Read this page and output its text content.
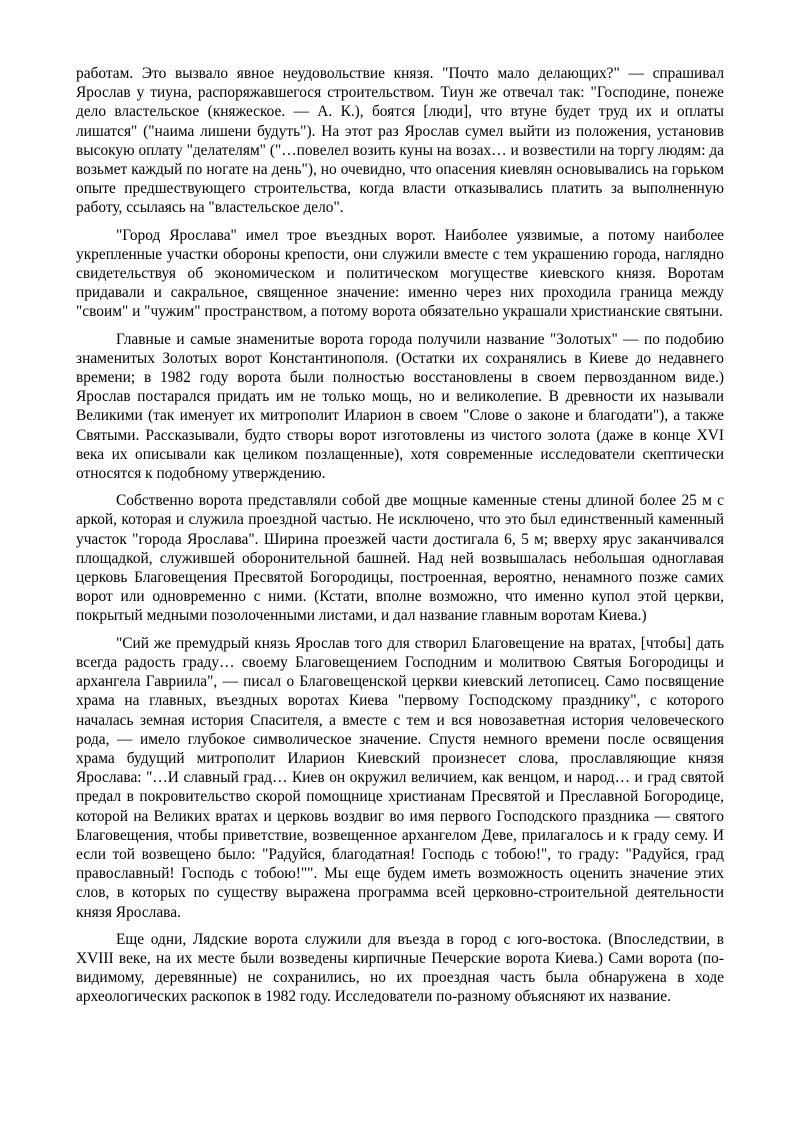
работам. Это вызвало явное неудовольствие князя. "Почто мало делающих?" — спрашивал Ярослав у тиуна, распоряжавшегося строительством. Тиун же отвечал так: "Господине, понеже дело властельское (княжеское. — А. К.), боятся [люди], что втуне будет труд их и оплаты лишатся" ("наима лишени будуть"). На этот раз Ярослав сумел выйти из положения, установив высокую оплату "делателям" ("…повелел возить куны на возах… и возвестили на торгу людям: да возьмет каждый по ногате на день"), но очевидно, что опасения киевлян основывались на горьком опыте предшествующего строительства, когда власти отказывались платить за выполненную работу, ссылаясь на "властельское дело".

"Город Ярослава" имел трое въездных ворот. Наиболее уязвимые, а потому наиболее укрепленные участки обороны крепости, они служили вместе с тем украшению города, наглядно свидетельствуя об экономическом и политическом могуществе киевского князя. Воротам придавали и сакральное, священное значение: именно через них проходила граница между "своим" и "чужим" пространством, а потому ворота обязательно украшали христианские святыни.

Главные и самые знаменитые ворота города получили название "Золотых" — по подобию знаменитых Золотых ворот Константинополя. (Остатки их сохранялись в Киеве до недавнего времени; в 1982 году ворота были полностью восстановлены в своем первозданном виде.) Ярослав постарался придать им не только мощь, но и великолепие. В древности их называли Великими (так именует их митрополит Иларион в своем "Слове о законе и благодати"), а также Святыми. Рассказывали, будто створы ворот изготовлены из чистого золота (даже в конце XVI века их описывали как целиком позлащенные), хотя современные исследователи скептически относятся к подобному утверждению.

Собственно ворота представляли собой две мощные каменные стены длиной более 25 м с аркой, которая и служила проездной частью. Не исключено, что это был единственный каменный участок "города Ярослава". Ширина проезжей части достигала 6, 5 м; вверху ярус заканчивался площадкой, служившей оборонительной башней. Над ней возвышалась небольшая одноглавая церковь Благовещения Пресвятой Богородицы, построенная, вероятно, ненамного позже самих ворот или одновременно с ними. (Кстати, вполне возможно, что именно купол этой церкви, покрытый медными позолоченными листами, и дал название главным воротам Киева.)

"Сий же премудрый князь Ярослав того для створил Благовещение на вратах, [чтобы] дать всегда радость граду… своему Благовещением Господним и молитвою Святыя Богородицы и архангела Гавриила", — писал о Благовещенской церкви киевский летописец. Само посвящение храма на главных, въездных воротах Киева "первому Господскому празднику", с которого началась земная история Спасителя, а вместе с тем и вся новозаветная история человеческого рода, — имело глубокое символическое значение. Спустя немного времени после освящения храма будущий митрополит Иларион Киевский произнесет слова, прославляющие князя Ярослава: "…И славный град… Киев он окружил величием, как венцом, и народ… и град святой предал в покровительство скорой помощнице христианам Пресвятой и Преславной Богородице, которой на Великих вратах и церковь воздвиг во имя первого Господского праздника — святого Благовещения, чтобы приветствие, возвещенное архангелом Деве, прилагалось и к граду сему. И если той возвещено было: "Радуйся, благодатная! Господь с тобою!", то граду: "Радуйся, град православный! Господь с тобою!"". Мы еще будем иметь возможность оценить значение этих слов, в которых по существу выражена программа всей церковно-строительной деятельности князя Ярослава.

Еще одни, Лядские ворота служили для въезда в город с юго-востока. (Впоследствии, в XVIII веке, на их месте были возведены кирпичные Печерские ворота Киева.) Сами ворота (по-видимому, деревянные) не сохранились, но их проездная часть была обнаружена в ходе археологических раскопок в 1982 году. Исследователи по-разному объясняют их название.
